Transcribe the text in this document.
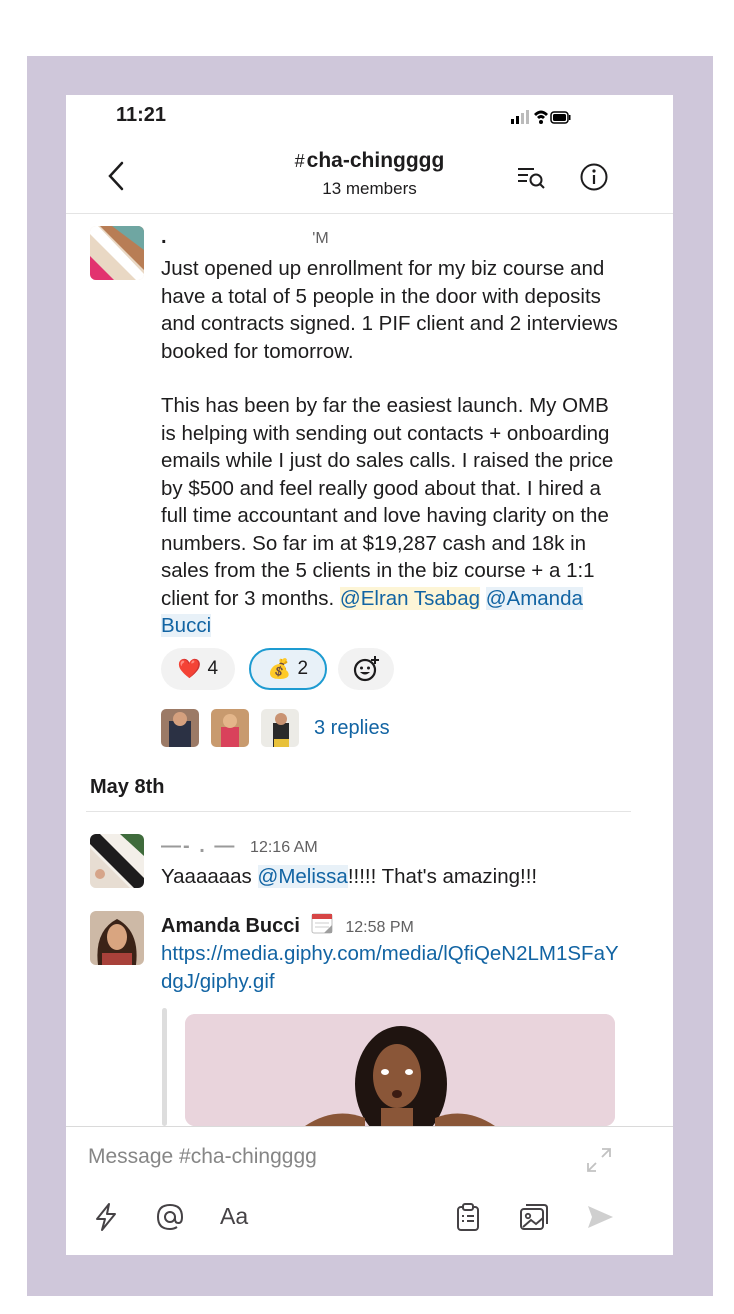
11:21
#cha-chingggg
13 members
.	'M

Just opened up enrollment for my biz course and have a total of 5 people in the door with deposits and contracts signed. 1 PIF client and 2 interviews booked for tomorrow.

This has been by far the easiest launch. My OMB is helping with sending out contacts + onboarding emails while I just do sales calls. I raised the price by $500 and feel really good about that. I hired a full time accountant and love having clarity on the numbers. So far im at $19,287 cash and 18k in sales from the 5 clients in the biz course + a 1:1 client for 3 months. @Elran Tsabag @Amanda Bucci

❤️ 4	💰 2
3 replies
May 8th
—- . — 12:16 AM
Yaaaaaas @Melissa!!!!! That's amazing!!!
Amanda Bucci	12:58 PM
https://media.giphy.com/media/lQfiQeN2LM1SFaYdgJ/giphy.gif
Message #cha-chingggg
Aa
